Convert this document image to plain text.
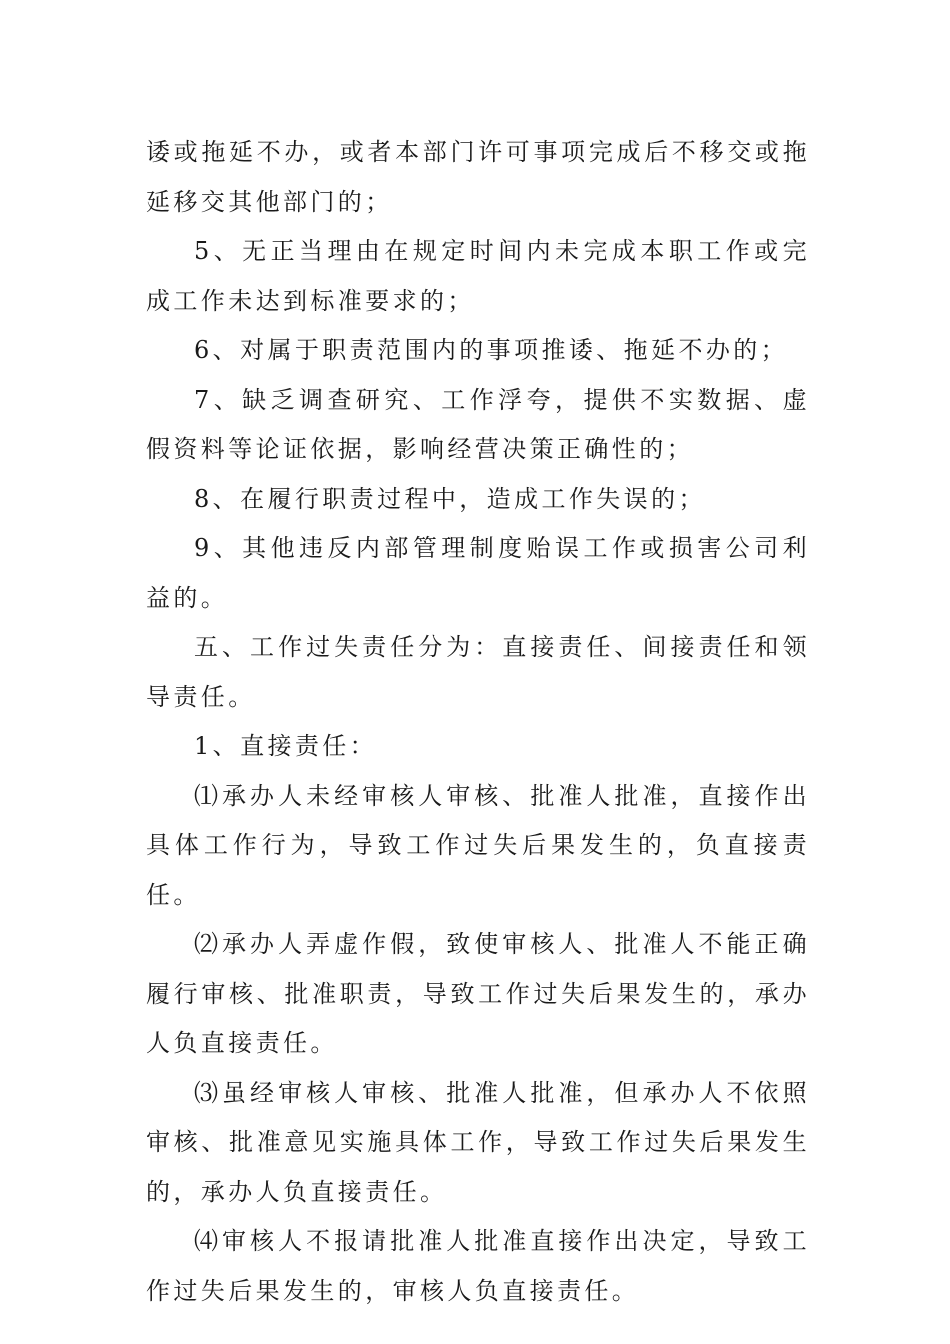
诿或拖延不办，或者本部门许可事项完成后不移交或拖延移交其他部门的；

5、无正当理由在规定时间内未完成本职工作或完成工作未达到标准要求的；

6、对属于职责范围内的事项推诿、拖延不办的；

7、缺乏调查研究、工作浮夸，提供不实数据、虚假资料等论证依据，影响经营决策正确性的；

8、在履行职责过程中，造成工作失误的；

9、其他违反内部管理制度贻误工作或损害公司利益的。

五、工作过失责任分为：直接责任、间接责任和领导责任。

1、直接责任：

⑴承办人未经审核人审核、批准人批准，直接作出具体工作行为，导致工作过失后果发生的，负直接责任。

⑵承办人弄虚作假，致使审核人、批准人不能正确履行审核、批准职责，导致工作过失后果发生的，承办人负直接责任。

⑶虽经审核人审核、批准人批准，但承办人不依照审核、批准意见实施具体工作，导致工作过失后果发生的，承办人负直接责任。

⑷审核人不报请批准人批准直接作出决定，导致工作过失后果发生的，审核人负直接责任。
